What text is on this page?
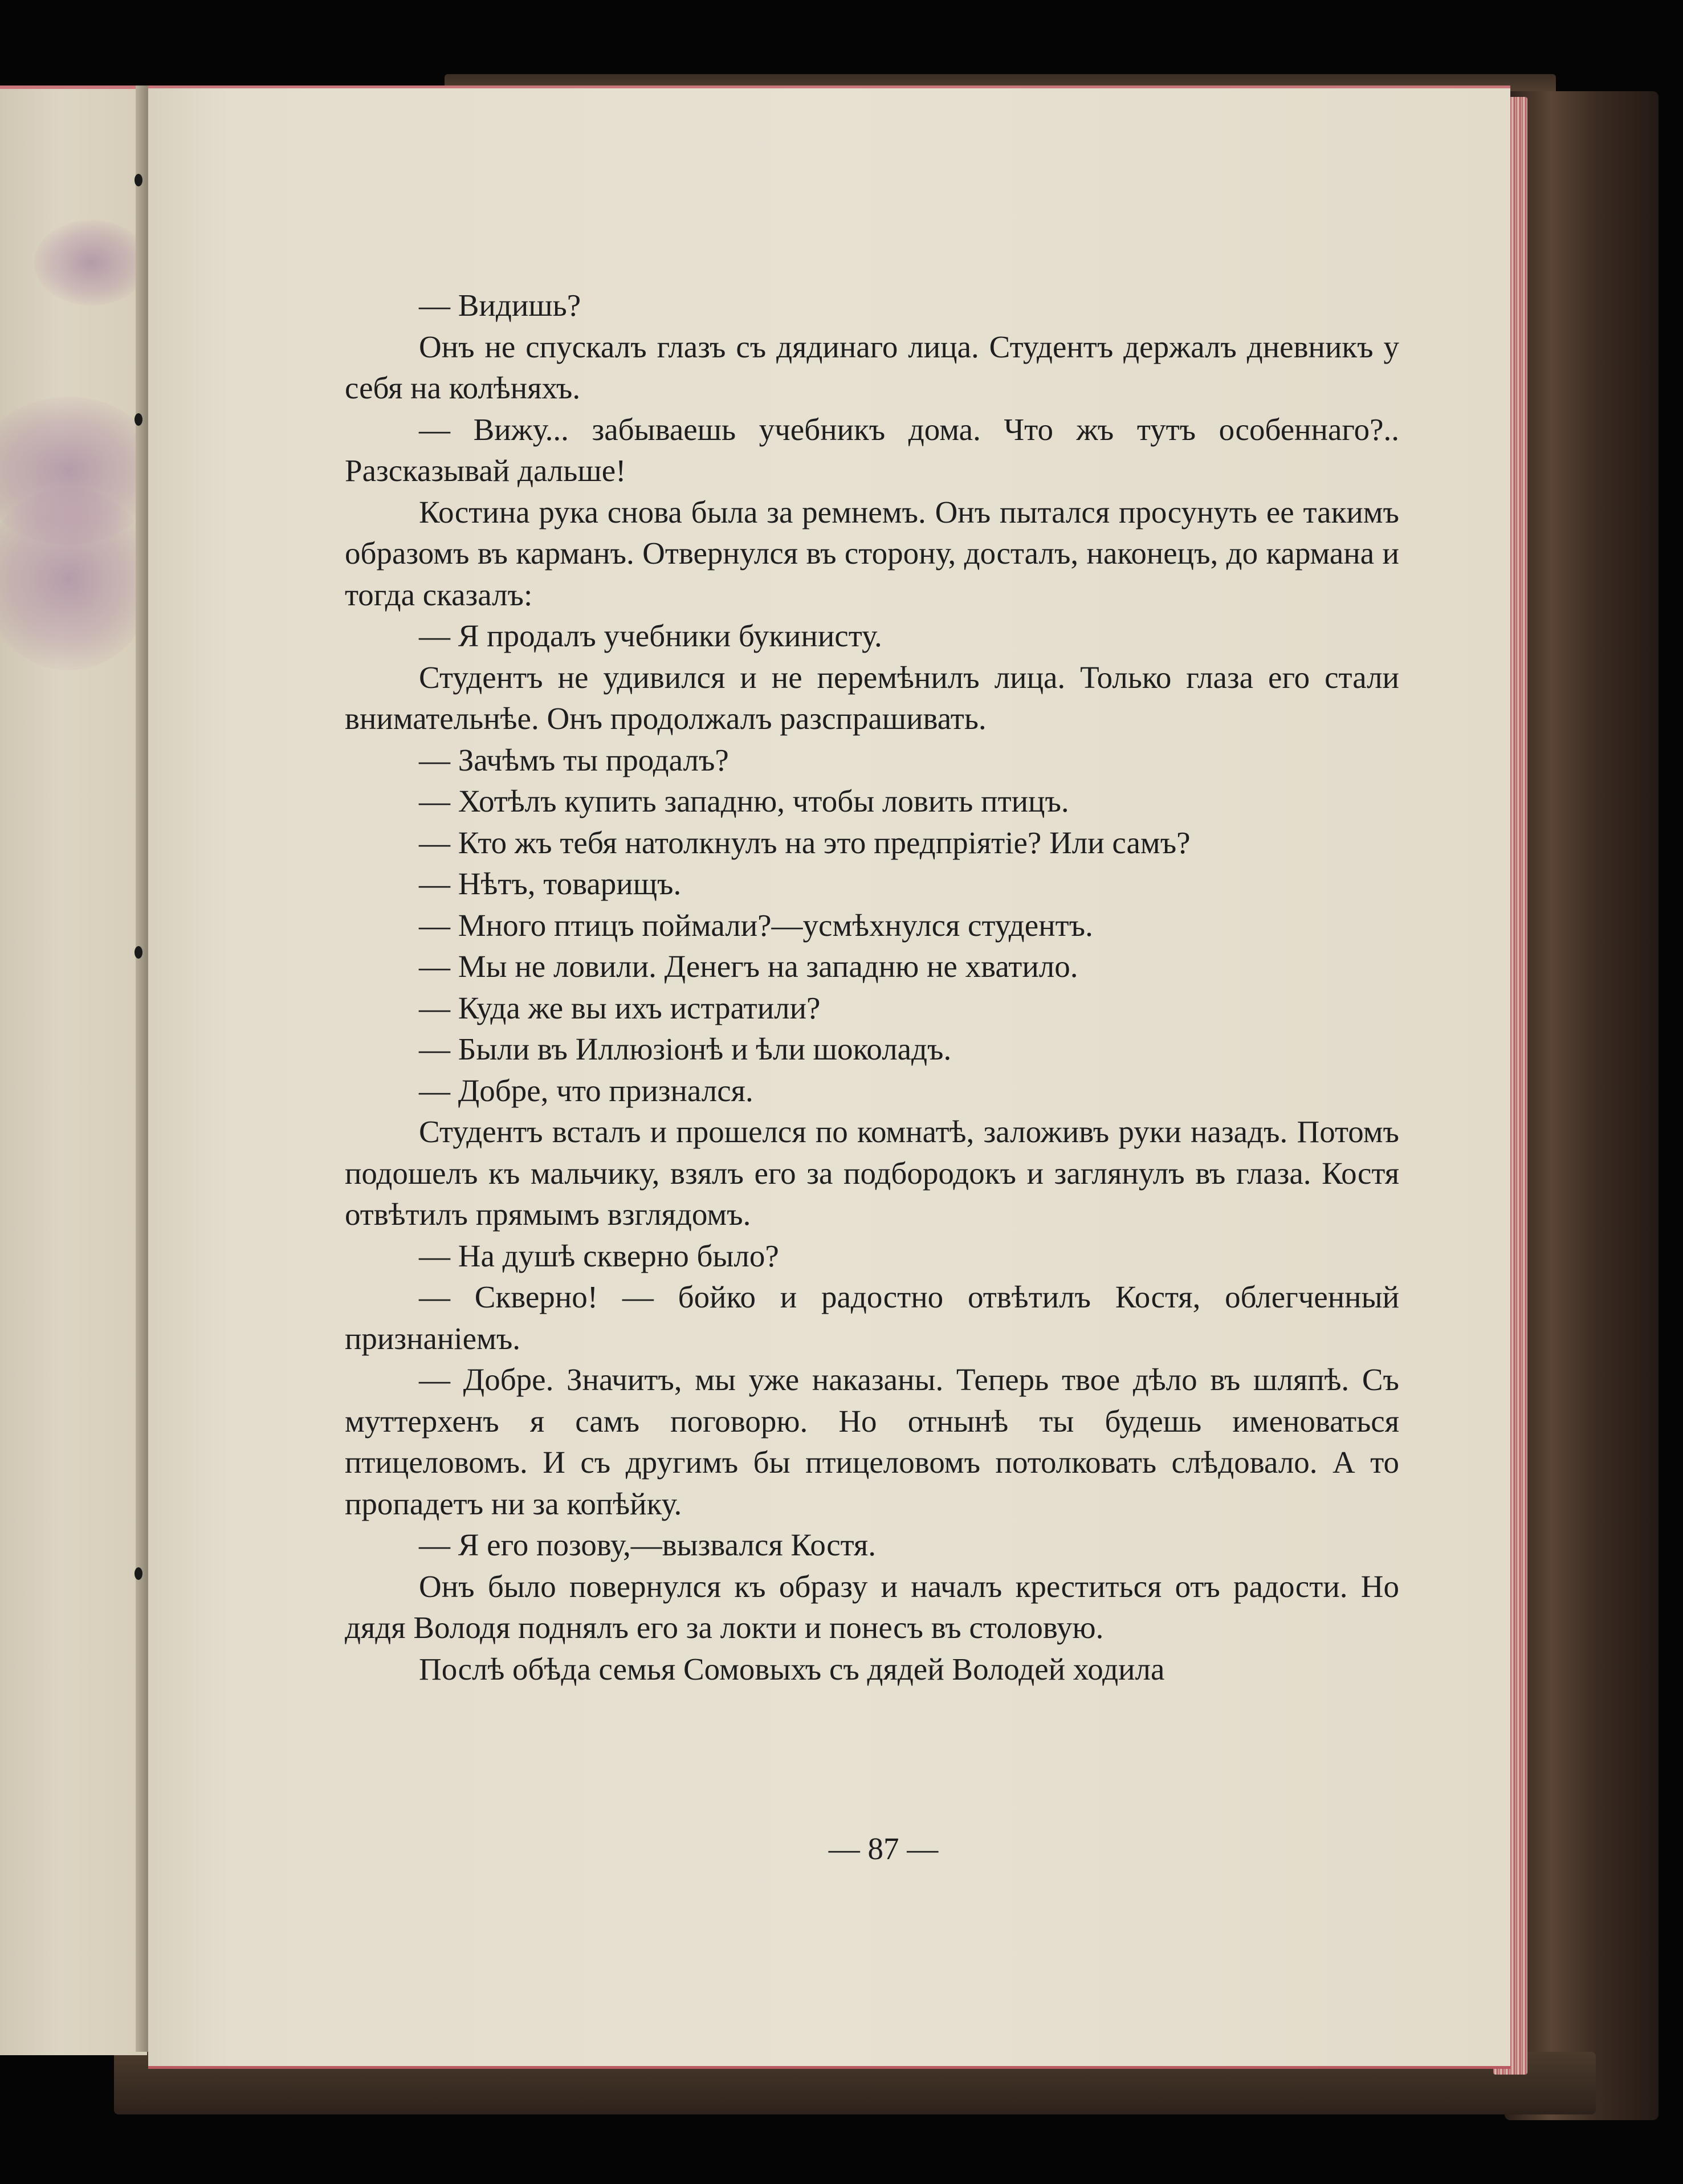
— Видишь?

Онъ не спускалъ глазъ съ дядинаго лица. Студентъ держалъ дневникъ у себя на колѣняхъ.

— Вижу... забываешь учебникъ дома. Что жъ тутъ особеннаго?.. Разсказывай дальше!

Костина рука снова была за ремнемъ. Онъ пытался просунуть ее такимъ образомъ въ карманъ. Отвернулся въ сторону, досталъ, наконецъ, до кармана и тогда сказалъ:

— Я продалъ учебники букинисту.

Студентъ не удивился и не перемѣнилъ лица. Только глаза его стали внимательнѣе. Онъ продолжалъ разспрашивать.

— Зачѣмъ ты продалъ?

— Хотѣлъ купить западню, чтобы ловить птицъ.

— Кто жъ тебя натолкнулъ на это предпріятіе? Или самъ?

— Нѣтъ, товарищъ.

— Много птицъ поймали?—усмѣхнулся студентъ.

— Мы не ловили. Денегъ на западню не хватило.

— Куда же вы ихъ истратили?

— Были въ Иллюзіонѣ и ѣли шоколадъ.

— Добре, что признался.

Студентъ всталъ и прошелся по комнатѣ, заложивъ руки назадъ. Потомъ подошелъ къ мальчику, взялъ его за подбородокъ и заглянулъ въ глаза. Костя отвѣтилъ прямымъ взглядомъ.

— На душѣ скверно было?

— Скверно! — бойко и радостно отвѣтилъ Костя, облегченный признаніемъ.

— Добре. Значитъ, мы уже наказаны. Теперь твое дѣло въ шляпѣ. Съ муттерхенъ я самъ поговорю. Но отнынѣ ты будешь именоваться птицеловомъ. И съ другимъ бы птицеловомъ потолковать слѣдовало. А то пропадетъ ни за копѣйку.

— Я его позову,—вызвался Костя.

Онъ было повернулся къ образу и началъ креститься отъ радости. Но дядя Володя поднялъ его за локти и понесъ въ столовую.

Послѣ обѣда семья Сомовыхъ съ дядей Володей ходила

— 87 —
